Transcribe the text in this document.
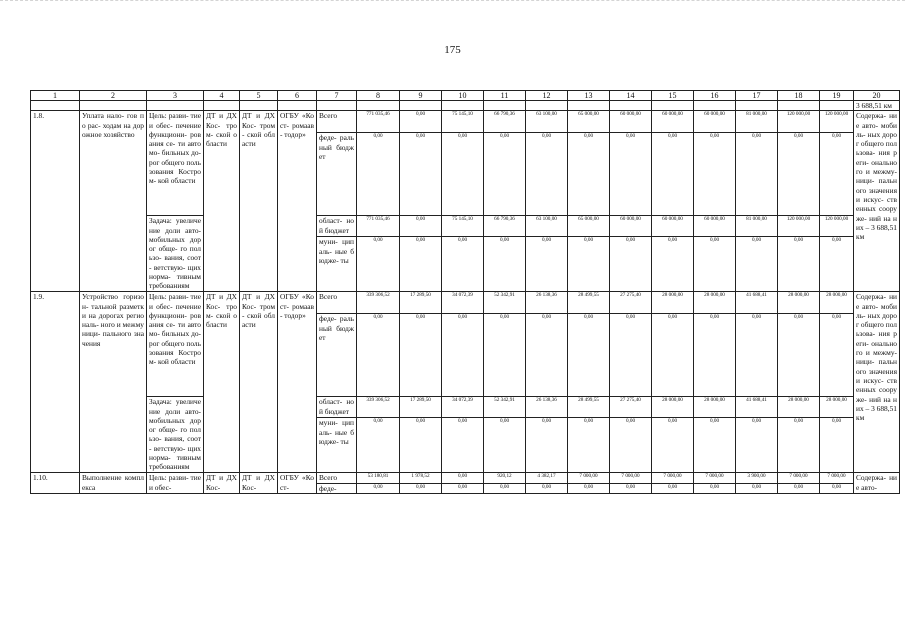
175
1	2	3	4	5	6	7	8	9	10	11	12	13	14	15	16	17	18	19	20
																			3 688,51 км
1.8.	Уплата нало- гов по рас- ходам на дорожное хозяйство	Цель: разви- тие и обес- печение функциони- рования се- ти автомо- бильных до- рог общего пользования Костром- кой области	ДТ и ДХ Кос- тром- ской области	ДТ и ДХ Кос- тром- ской области	ОГБУ «Кост- ромаав- тодор»	Всего	771 035,46	0,00	75 145,10	66 790,36	63 100,00	65 000,00	60 000,00	60 000,00	60 000,00	81 000,00	120 000,00	120 000,00	Содержа- ние авто- мобиль- ных дорог общего пользова- ния реги- онального и межму- ници- пального значения и искус- ственных сооруже- ний на них – 3 688,51 км
						феде- ральный бюджет	0,00	0,00	0,00	0,00	0,00	0,00	0,00	0,00	0,00	0,00	0,00	0,00	
		Задача: увеличение доли авто- мобильных дорог обще- го пользо- вания, соот- ветствую- щих норма- тивным требованиям				област- ной бюджет	771 035,46	0,00	75 145,10	66 790,36	63 100,00	65 000,00	60 000,00	60 000,00	60 000,00	81 000,00	120 000,00	120 000,00	
						муни- ципаль- ные бюдже- ты	0,00	0,00	0,00	0,00	0,00	0,00	0,00	0,00	0,00	0,00	0,00	0,00	
1.9.	Устройство горизон- тальной разметки на дорогах региональ- ного и межмуници- пального значения	Цель: разви- тие и обес- печение функциони- рования се- ти автомо- бильных до- рог общего пользования Костром- кой области	ДТ и ДХ Кос- тром- ской области	ДТ и ДХ Кос- тром- ской области	ОГБУ «Кост- ромаав- тодор»	Всего	339 306,52	17 289,50	34 072,39	52 342,91	26 138,36	28 499,55	27 275,40	28 000,00	28 000,00	41 688,41	28 000,00	28 000,00	Содержа- ние авто- мобиль- ных дорог общего пользова- ния реги- онального и межму- ници- пального значения и искус- ственных сооруже- ний на них – 3 688,51 км
						феде- ральный бюджет	0,00	0,00	0,00	0,00	0,00	0,00	0,00	0,00	0,00	0,00	0,00	0,00	
		Задача: увеличение доли авто- мобильных дорог обще- го пользо- вания, соот- ветствую- щих норма- тивным требованиям				област- ной бюджет	339 306,52	17 289,50	34 072,39	52 342,91	26 138,36	28 499,55	27 275,40	28 000,00	28 000,00	41 688,41	28 000,00	28 000,00	
						муни- ципаль- ные бюдже- ты	0,00	0,00	0,00	0,00	0,00	0,00	0,00	0,00	0,00	0,00	0,00	0,00	
1.10.	Выполнение комплекса	Цель: разви- тие и обес-	ДТ и ДХ Кос-	ДТ и ДХ Кос-	ОГБУ «Кост-	Всего	53 180,81	1 978,52	0,00	920,12	4 382,17	7 000,00	7 000,00	7 000,00	7 000,00	3 900,00	7 000,00	7 000,00	Содержа- ние авто-
						феде-	0,00	0,00	0,00	0,00	0,00	0,00	0,00	0,00	0,00	0,00	0,00	0,00	
